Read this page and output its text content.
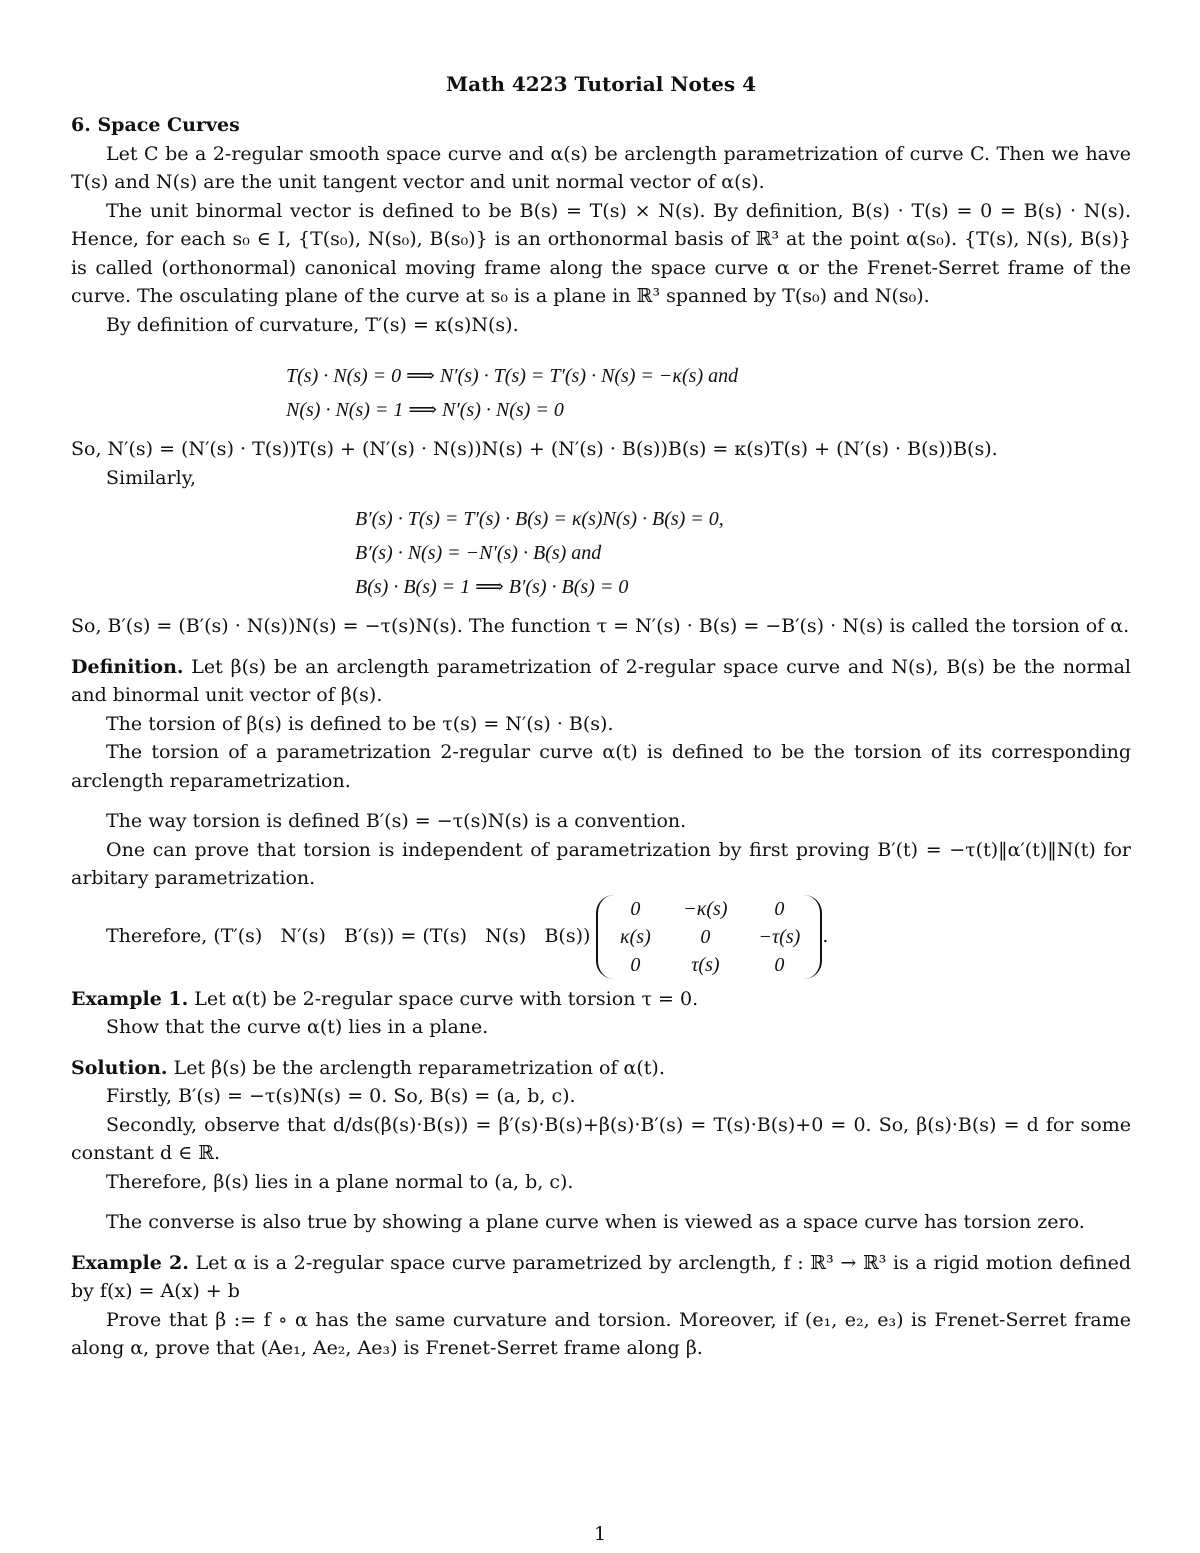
Math 4223 Tutorial Notes 4

6. Space Curves

Let C be a 2-regular smooth space curve and α(s) be arclength parametrization of curve C. Then we have T(s) and N(s) are the unit tangent vector and unit normal vector of α(s).

The unit binormal vector is defined to be B(s) = T(s) × N(s). By definition, B(s) · T(s) = 0 = B(s) · N(s). Hence, for each s₀ ∈ I, {T(s₀), N(s₀), B(s₀)} is an orthonormal basis of ℝ³ at the point α(s₀). {T(s), N(s), B(s)} is called (orthonormal) canonical moving frame along the space curve α or the Frenet-Serret frame of the curve. The osculating plane of the curve at s₀ is a plane in ℝ³ spanned by T(s₀) and N(s₀).

By definition of curvature, T′(s) = κ(s)N(s).

T(s) · N(s) = 0 ⟹ N′(s) · T(s) = T′(s) · N(s) = −κ(s) and
N(s) · N(s) = 1 ⟹ N′(s) · N(s) = 0

So, N′(s) = (N′(s) · T(s))T(s) + (N′(s) · N(s))N(s) + (N′(s) · B(s))B(s) = κ(s)T(s) + (N′(s) · B(s))B(s).

Similarly,

B′(s) · T(s) = T′(s) · B(s) = κ(s)N(s) · B(s) = 0,
B′(s) · N(s) = −N′(s) · B(s) and
B(s) · B(s) = 1 ⟹ B′(s) · B(s) = 0

So, B′(s) = (B′(s) · N(s))N(s) = −τ(s)N(s). The function τ = N′(s) · B(s) = −B′(s) · N(s) is called the torsion of α.

Definition. Let β(s) be an arclength parametrization of 2-regular space curve and N(s), B(s) be the normal and binormal unit vector of β(s).

The torsion of β(s) is defined to be τ(s) = N′(s) · B(s).

The torsion of a parametrization 2-regular curve α(t) is defined to be the torsion of its corresponding arclength reparametrization.

The way torsion is defined B′(s) = −τ(s)N(s) is a convention.

One can prove that torsion is independent of parametrization by first proving B′(t) = −τ(t)‖α′(t)‖N(t) for arbitary parametrization.

Therefore, (T′(s)   N′(s)   B′(s)) = (T(s)   N(s)   B(s))
0	−κ(s)	0
κ(s)	0	−τ(s)
0	τ(s)	0
.

Example 1. Let α(t) be 2-regular space curve with torsion τ = 0.

Show that the curve α(t) lies in a plane.

Solution. Let β(s) be the arclength reparametrization of α(t).

Firstly, B′(s) = −τ(s)N(s) = 0. So, B(s) = (a, b, c).

Secondly, observe that d/ds(β(s)·B(s)) = β′(s)·B(s)+β(s)·B′(s) = T(s)·B(s)+0 = 0. So, β(s)·B(s) = d for some constant d ∈ ℝ.

Therefore, β(s) lies in a plane normal to (a, b, c).

The converse is also true by showing a plane curve when is viewed as a space curve has torsion zero.

Example 2. Let α is a 2-regular space curve parametrized by arclength, f : ℝ³ → ℝ³ is a rigid motion defined by f(x) = A(x) + b

Prove that β := f ∘ α has the same curvature and torsion. Moreover, if (e₁, e₂, e₃) is Frenet-Serret frame along α, prove that (Ae₁, Ae₂, Ae₃) is Frenet-Serret frame along β.

1
